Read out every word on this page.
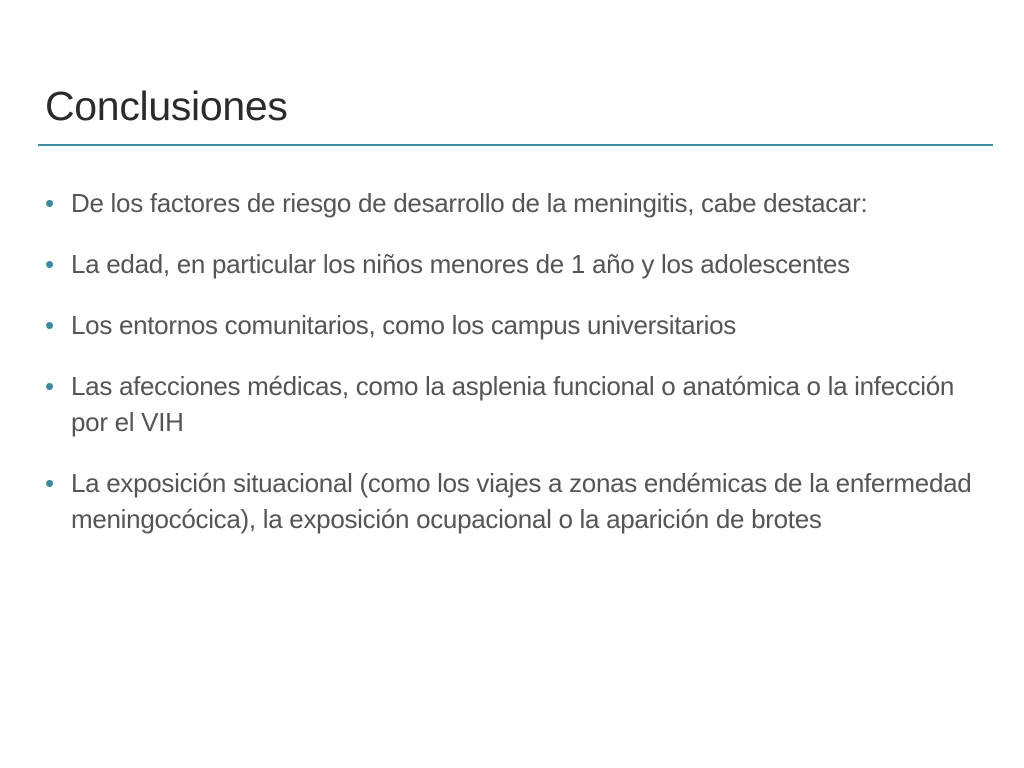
Conclusiones
• De los factores de riesgo de desarrollo de la meningitis, cabe destacar:
• La edad, en particular los niños menores de 1 año y los adolescentes
• Los entornos comunitarios, como los campus universitarios
• Las afecciones médicas, como la asplenia funcional o anatómica o la infección por el VIH
• La exposición situacional (como los viajes a zonas endémicas de la enfermedad meningocócica), la exposición ocupacional o la aparición de brotes
